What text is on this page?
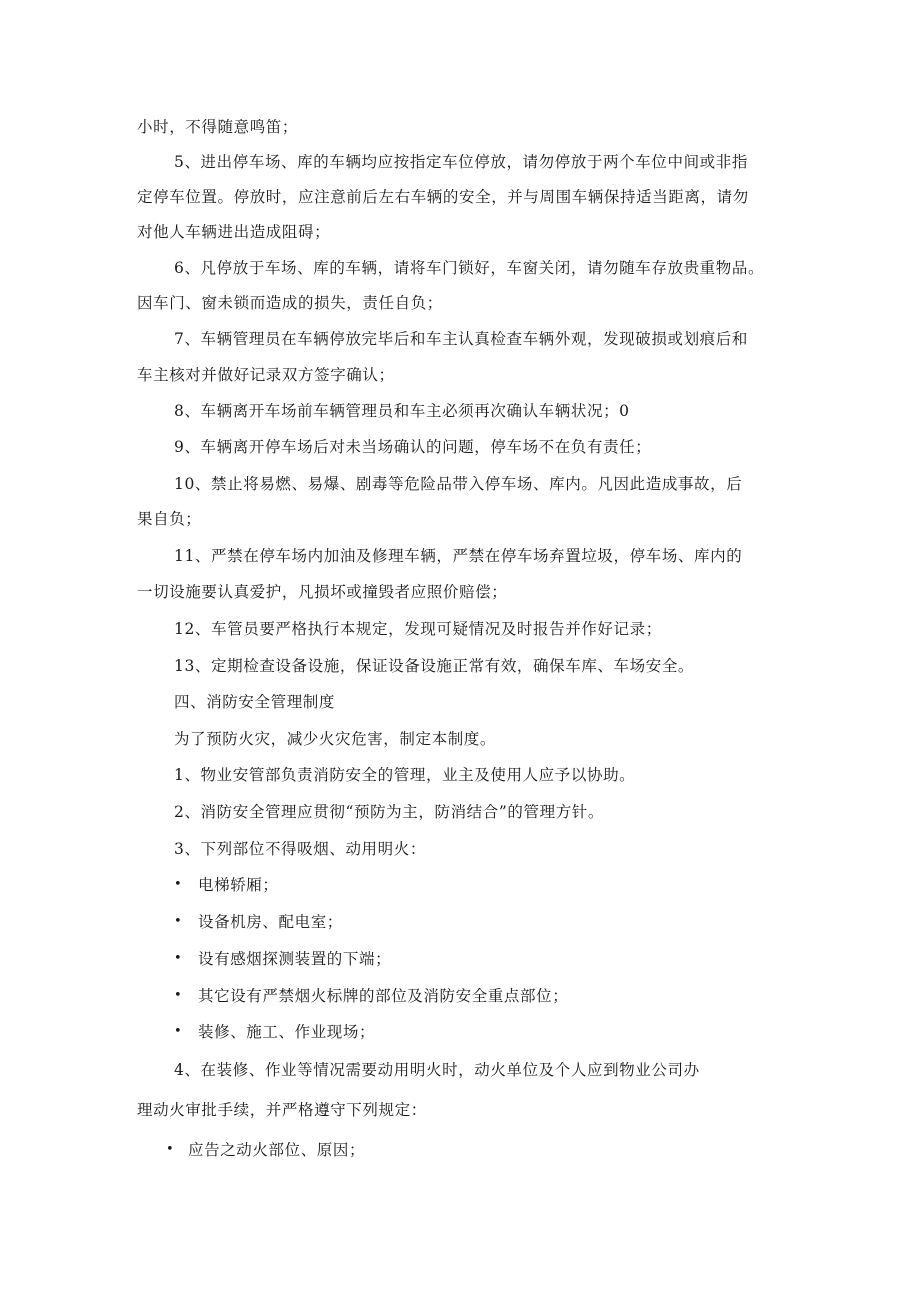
小时，不得随意鸣笛；
5、进出停车场、库的车辆均应按指定车位停放，请勿停放于两个车位中间或非指
定停车位置。停放时，应注意前后左右车辆的安全，并与周围车辆保持适当距离，请勿
对他人车辆进出造成阻碍；
6、凡停放于车场、库的车辆，请将车门锁好，车窗关闭，请勿随车存放贵重物品。
因车门、窗未锁而造成的损失，责任自负；
7、车辆管理员在车辆停放完毕后和车主认真检查车辆外观，发现破损或划痕后和
车主核对并做好记录双方签字确认；
8、车辆离开车场前车辆管理员和车主必须再次确认车辆状况；0
9、车辆离开停车场后对未当场确认的问题，停车场不在负有责任；
10、禁止将易燃、易爆、剧毒等危险品带入停车场、库内。凡因此造成事故，后
果自负；
11、严禁在停车场内加油及修理车辆，严禁在停车场弃置垃圾，停车场、库内的
一切设施要认真爱护，凡损坏或撞毁者应照价赔偿；
12、车管员要严格执行本规定，发现可疑情况及时报告并作好记录；
13、定期检查设备设施，保证设备设施正常有效，确保车库、车场安全。
四、消防安全管理制度
为了预防火灾，减少火灾危害，制定本制度。
1、物业安管部负责消防安全的管理，业主及使用人应予以协助。
2、消防安全管理应贯彻“预防为主，防消结合”的管理方针。
3、下列部位不得吸烟、动用明火：
• 电梯轿厢；
• 设备机房、配电室；
• 设有感烟探测装置的下端；
• 其它设有严禁烟火标牌的部位及消防安全重点部位；
• 装修、施工、作业现场；
4、在装修、作业等情况需要动用明火时，动火单位及个人应到物业公司办
理动火审批手续，并严格遵守下列规定：
• 应告之动火部位、原因；
